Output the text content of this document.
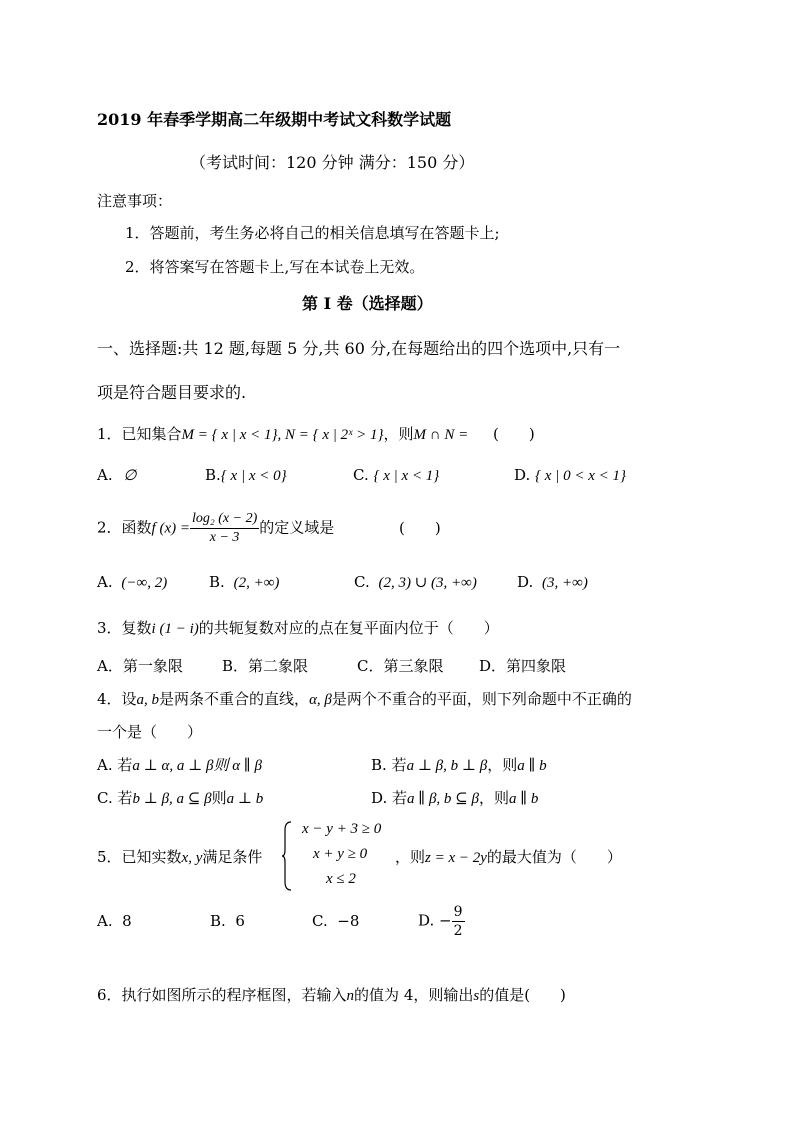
2019 年春季学期高二年级期中考试文科数学试题
（考试时间：120 分钟 满分：150 分）
注意事项：
1．答题前，考生务必将自己的相关信息填写在答题卡上;
2．将答案写在答题卡上,写在本试卷上无效。
第 I 卷（选择题）
一、选择题:共 12 题,每题 5 分,共 60 分,在每题给出的四个选项中,只有一
项是符合题目要求的.
1．已知集合M = { x | x < 1}, N = { x | 2ˣ > 1}，则M ∩ N = (　　)
A. ∅	B.{ x | x < 0}	C. { x | x < 1}	D. { x | 0 < x < 1}
2．函数f $(x) = \frac{\text{log₂ (x − 2)}}{x - 3}$ 的定义域是	(　　)
A. (−∞, 2)	B. (2, +∞)	C. (2, 3) ∪ (3, +∞)	D. (3, +∞)
3．复数i (1 − i)的共轭复数对应的点在复平面内位于（　　）
A．第一象限	B．第二象限	C．第三象限 D．第四象限
4．设a, b是两条不重合的直线，α, β是两个不重合的平面，则下列命题中不正确的
一个是（　　）
A. 若a ⊥ α, a ⊥ β则 α ∥ β	B. 若a ⊥ β, b ⊥ β，则a ∥ b
C. 若b ⊥ β, a ⊆ β则a ⊥ b	D. 若a ∥ β, b ⊆ β，则a ∥ b
5．已知实数x, y满足条件
x − y + 3 ≥ 0
x + y ≥ 0
x ≤ 2
，则z = x − 2y的最大值为（　　）
A. 8	B. 6	C. −8	D. − $\frac{9}{2}$
6．执行如图所示的程序框图，若输入n的值为 4，则输出s的值是(　　)
